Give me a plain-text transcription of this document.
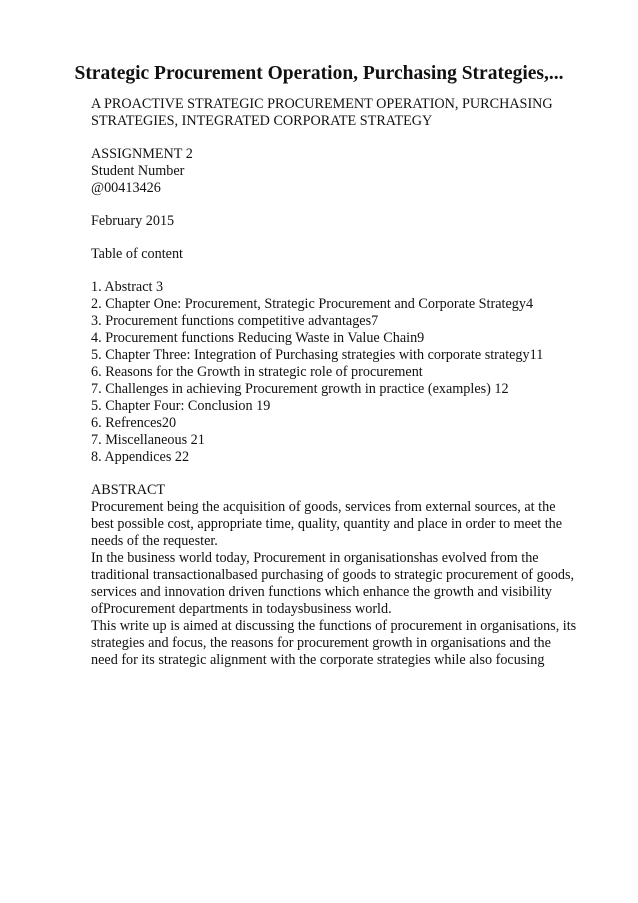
Strategic Procurement Operation, Purchasing Strategies,...
A PROACTIVE STRATEGIC PROCUREMENT OPERATION, PURCHASING
STRATEGIES, INTEGRATED CORPORATE STRATEGY
ASSIGNMENT 2
Student Number
@00413426
February 2015
Table of content
1. Abstract 3
2. Chapter One: Procurement, Strategic Procurement and Corporate Strategy4
3. Procurement functions competitive advantages7
4. Procurement functions Reducing Waste in Value Chain9
5. Chapter Three: Integration of Purchasing strategies with corporate strategy11
6. Reasons for the Growth in strategic role of procurement
7. Challenges in achieving Procurement growth in practice (examples) 12
5. Chapter Four: Conclusion 19
6. Refrences20
7. Miscellaneous 21
8. Appendices 22
ABSTRACT
Procurement being the acquisition of goods, services from external sources, at the
best possible cost, appropriate time, quality, quantity and place in order to meet the
needs of the requester.
In the business world today, Procurement in organisationshas evolved from the
traditional transactionalbased purchasing of goods to strategic procurement of goods,
services and innovation driven functions which enhance the growth and visibility
ofProcurement departments in todaysbusiness world.
This write up is aimed at discussing the functions of procurement in organisations, its
strategies and focus, the reasons for procurement growth in organisations and the
need for its strategic alignment with the corporate strategies while also focusing
